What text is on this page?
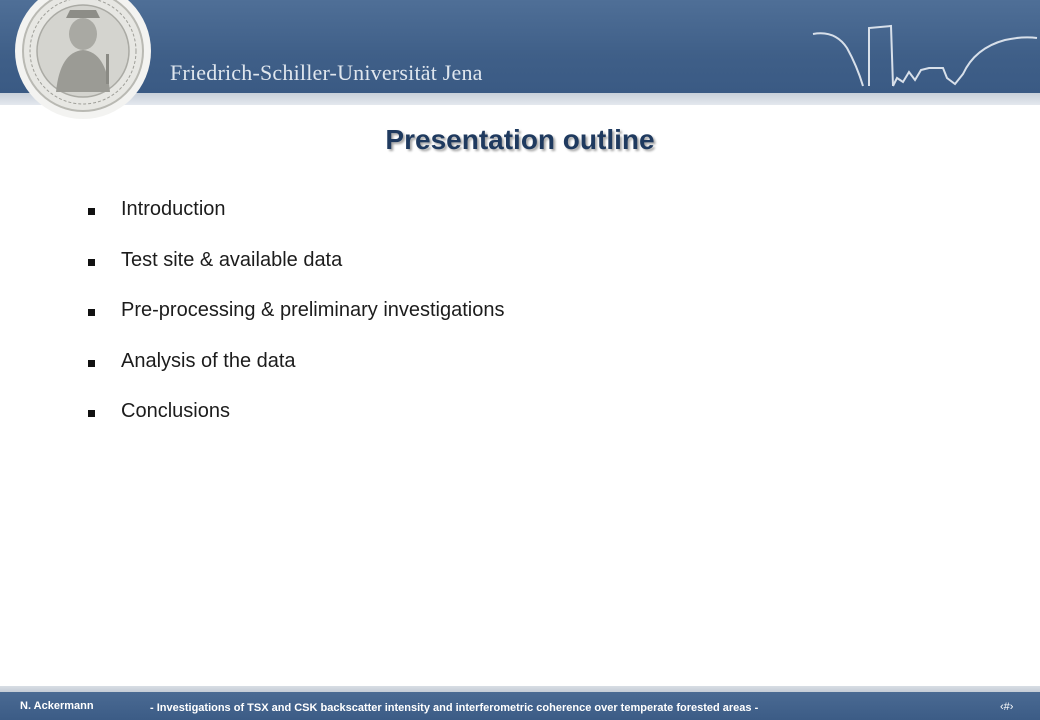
Friedrich-Schiller-Universität Jena
Presentation outline
Introduction
Test site & available data
Pre-processing & preliminary investigations
Analysis of the data
Conclusions
N. Ackermann	- Investigations of TSX and CSK backscatter intensity and interferometric coherence over temperate forested areas -	‹#›
